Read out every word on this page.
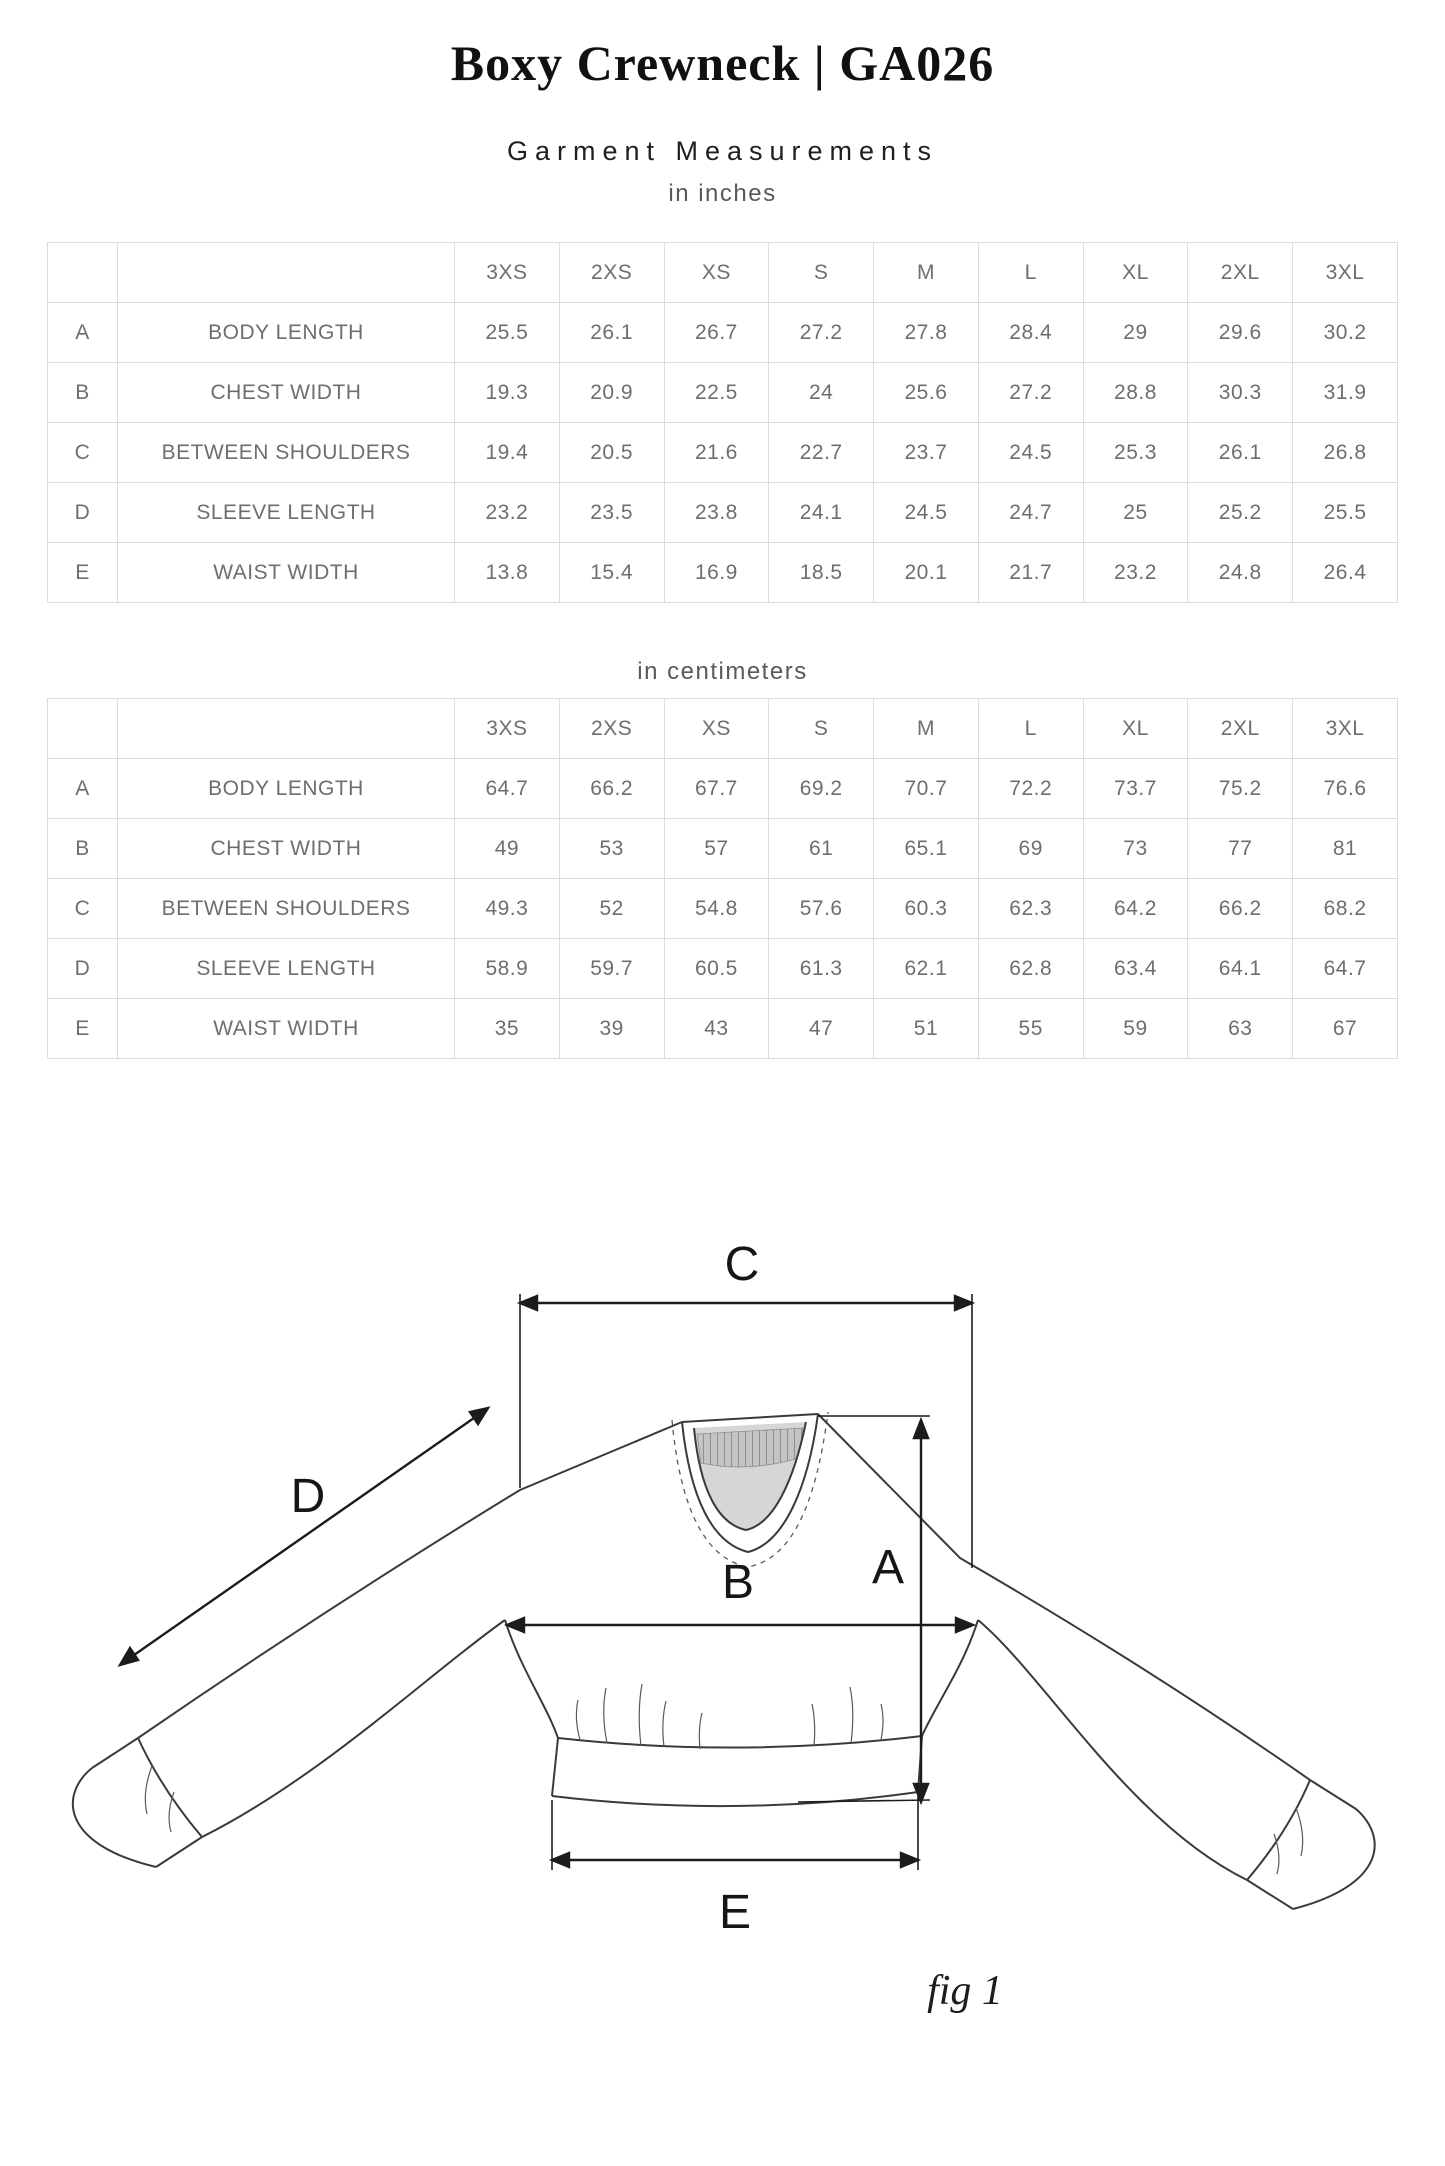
Boxy Crewneck | GA026
Garment Measurements
in inches
		3XS	2XS	XS	S	M	L	XL	2XL	3XL
A	BODY LENGTH	25.5	26.1	26.7	27.2	27.8	28.4	29	29.6	30.2
B	CHEST WIDTH	19.3	20.9	22.5	24	25.6	27.2	28.8	30.3	31.9
C	BETWEEN SHOULDERS	19.4	20.5	21.6	22.7	23.7	24.5	25.3	26.1	26.8
D	SLEEVE LENGTH	23.2	23.5	23.8	24.1	24.5	24.7	25	25.2	25.5
E	WAIST WIDTH	13.8	15.4	16.9	18.5	20.1	21.7	23.2	24.8	26.4
in centimeters
		3XS	2XS	XS	S	M	L	XL	2XL	3XL
A	BODY LENGTH	64.7	66.2	67.7	69.2	70.7	72.2	73.7	75.2	76.6
B	CHEST WIDTH	49	53	57	61	65.1	69	73	77	81
C	BETWEEN SHOULDERS	49.3	52	54.8	57.6	60.3	62.3	64.2	66.2	68.2
D	SLEEVE LENGTH	58.9	59.7	60.5	61.3	62.1	62.8	63.4	64.1	64.7
E	WAIST WIDTH	35	39	43	47	51	55	59	63	67
C
D
A
B
E
fig 1
